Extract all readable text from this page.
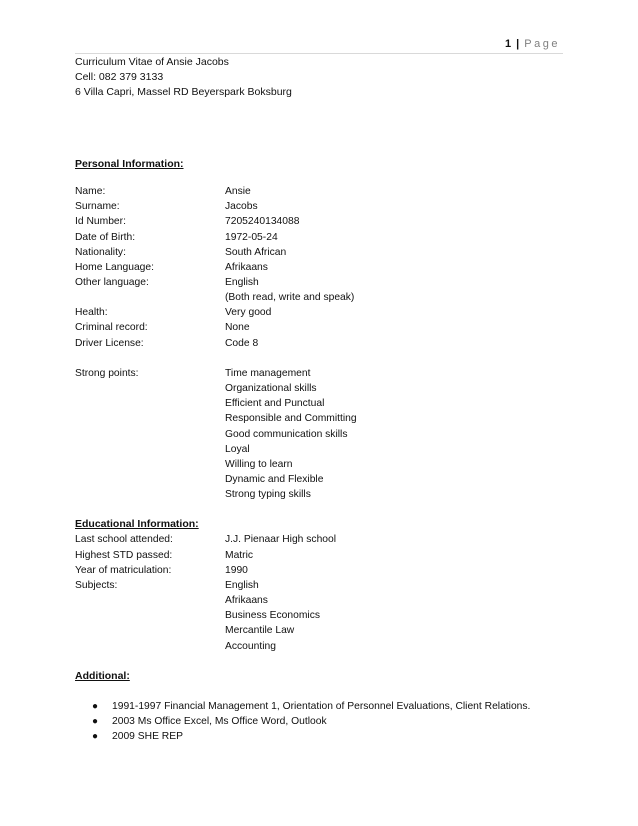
1 | Page
Curriculum Vitae of Ansie Jacobs
Cell: 082 379 3133
6 Villa Capri, Massel RD Beyerspark Boksburg
Personal Information:
Name:	Ansie
Surname:	Jacobs
Id Number:	7205240134088
Date of Birth:	1972-05-24
Nationality:	South African
Home Language:	Afrikaans
Other language:	English
(Both read, write and speak)
Health:	Very good
Criminal record:	None
Driver License:	Code 8
Strong points:	Time management
Organizational skills
Efficient and Punctual
Responsible and Committing
Good communication skills
Loyal
Willing to learn
Dynamic and Flexible
Strong typing skills
Educational Information:
Last school attended:	J.J. Pienaar High school
Highest STD passed:	Matric
Year of matriculation:	1990
Subjects:	English
Afrikaans
Business Economics
Mercantile Law
Accounting
Additional:
● 1991-1997 Financial Management 1, Orientation of Personnel Evaluations, Client Relations.
● 2003 Ms Office Excel, Ms Office Word, Outlook
● 2009 SHE REP
